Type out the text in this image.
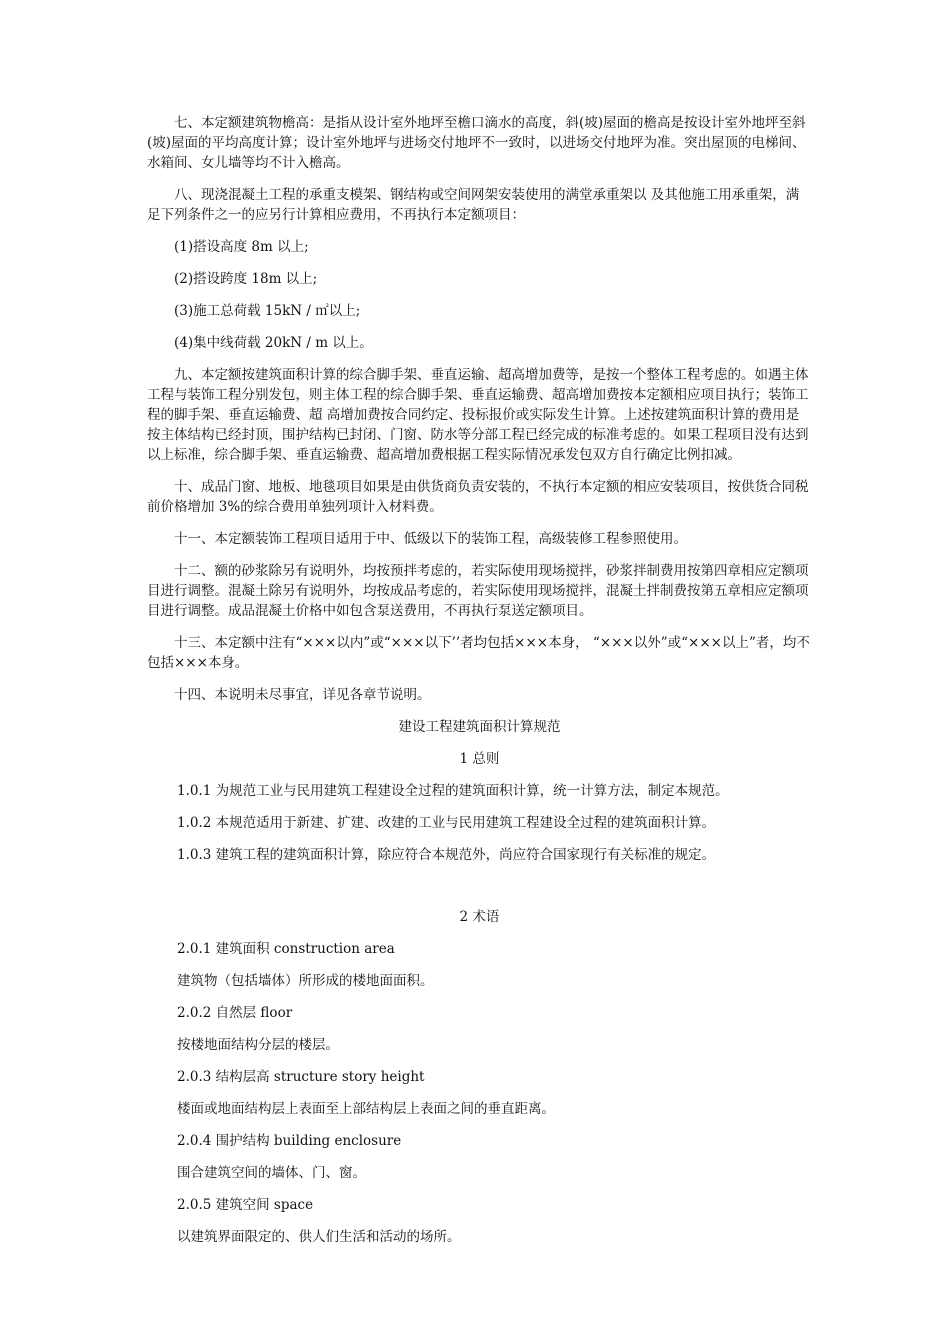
七、本定额建筑物檐高：是指从设计室外地坪至檐口滴水的高度，斜(坡)屋面的檐高是按设计室外地坪至斜(坡)屋面的平均高度计算；设计室外地坪与进场交付地坪不一致时，以进场交付地坪为准。突出屋顶的电梯间、水箱间、女儿墙等均不计入檐高。

八、现浇混凝土工程的承重支模架、钢结构或空间网架安装使用的满堂承重架以 及其他施工用承重架，满足下列条件之一的应另行计算相应费用，不再执行本定额项目：

(1)搭设高度 8m 以上;

(2)搭设跨度 18m 以上;

(3)施工总荷载 15kN / ㎡以上;

(4)集中线荷载 20kN / m 以上。

九、本定额按建筑面积计算的综合脚手架、垂直运输、超高增加费等，是按一个整体工程考虑的。如遇主体工程与装饰工程分别发包，则主体工程的综合脚手架、垂直运输费、超高增加费按本定额相应项目执行；装饰工程的脚手架、垂直运输费、超 高增加费按合同约定、投标报价或实际发生计算。上述按建筑面积计算的费用是按主体结构已经封顶，围护结构已封闭、门窗、防水等分部工程已经完成的标准考虑的。如果工程项目没有达到以上标准，综合脚手架、垂直运输费、超高增加费根据工程实际情况承发包双方自行确定比例扣减。

十、成品门窗、地板、地毯项目如果是由供货商负责安装的，不执行本定额的相应安装项目，按供货合同税前价格增加 3%的综合费用单独列项计入材料费。

十一、本定额装饰工程项目适用于中、低级以下的装饰工程，高级装修工程参照使用。

十二、额的砂浆除另有说明外，均按预拌考虑的，若实际使用现场搅拌，砂浆拌制费用按第四章相应定额项目进行调整。混凝土除另有说明外，均按成品考虑的，若实际使用现场搅拌，混凝土拌制费按第五章相应定额项目进行调整。成品混凝土价格中如包含泵送费用，不再执行泵送定额项目。

十三、本定额中注有“×××以内”或“×××以下’’者均包括×××本身， “×××以外”或“×××以上”者，均不包括×××本身。

十四、本说明未尽事宜，详见各章节说明。

建设工程建筑面积计算规范

1 总则

1.0.1 为规范工业与民用建筑工程建设全过程的建筑面积计算，统一计算方法，制定本规范。

1.0.2 本规范适用于新建、扩建、改建的工业与民用建筑工程建设全过程的建筑面积计算。

1.0.3 建筑工程的建筑面积计算，除应符合本规范外，尚应符合国家现行有关标准的规定。

2 术语

2.0.1 建筑面积 construction area

建筑物（包括墙体）所形成的楼地面面积。

2.0.2 自然层 floor

按楼地面结构分层的楼层。

2.0.3 结构层高 structure story height

楼面或地面结构层上表面至上部结构层上表面之间的垂直距离。

2.0.4 围护结构 building enclosure

围合建筑空间的墙体、门、窗。

2.0.5 建筑空间 space

以建筑界面限定的、供人们生活和活动的场所。
